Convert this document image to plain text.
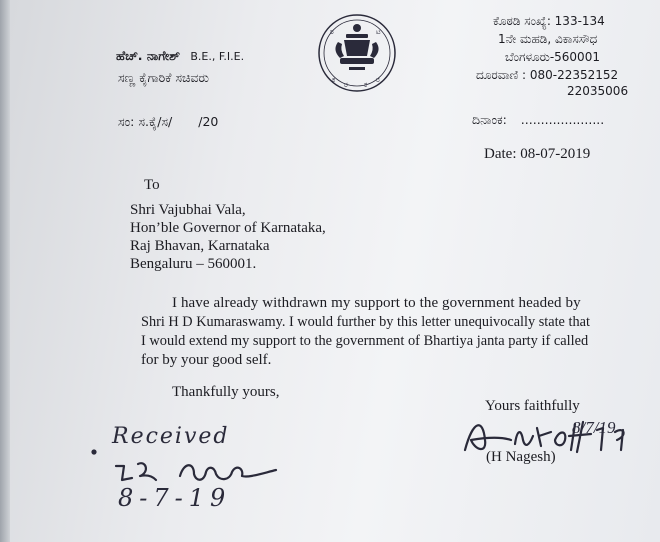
ಹೆಚ್. ನಾಗೇಶ್ B.E., F.I.E.
ಸಣ್ಣ ಕೈಗಾರಿಕೆ ಸಚಿವರು
ಸಂ: ಸ.ಕೈ/ಸ/ /20
ಕ
ರ ಕ
ರ
ರ	ಟ
ಕೊಠಡಿ ಸಂಖ್ಯೆ: 133-134
1ನೇ ಮಹಡಿ, ವಿಕಾಸಸೌಧ
ಬೆಂಗಳೂರು-560001
ದೂರವಾಣಿ : 080-22352152
22035006
ದಿನಾಂಕ: .....................
Date: 08-07-2019
To
Shri Vajubhai Vala,
Hon’ble Governor of Karnataka,
Raj Bhavan, Karnataka
Bengaluru – 560001.
I have already withdrawn my support to the government headed by
Shri H D Kumaraswamy. I would further by this letter unequivocally state that
I would extend my support to the government of Bhartiya janta party if called
for by your good self.
Thankfully yours,
Yours faithfully
(H Nagesh)
8/7/19
Received
8-7-19
